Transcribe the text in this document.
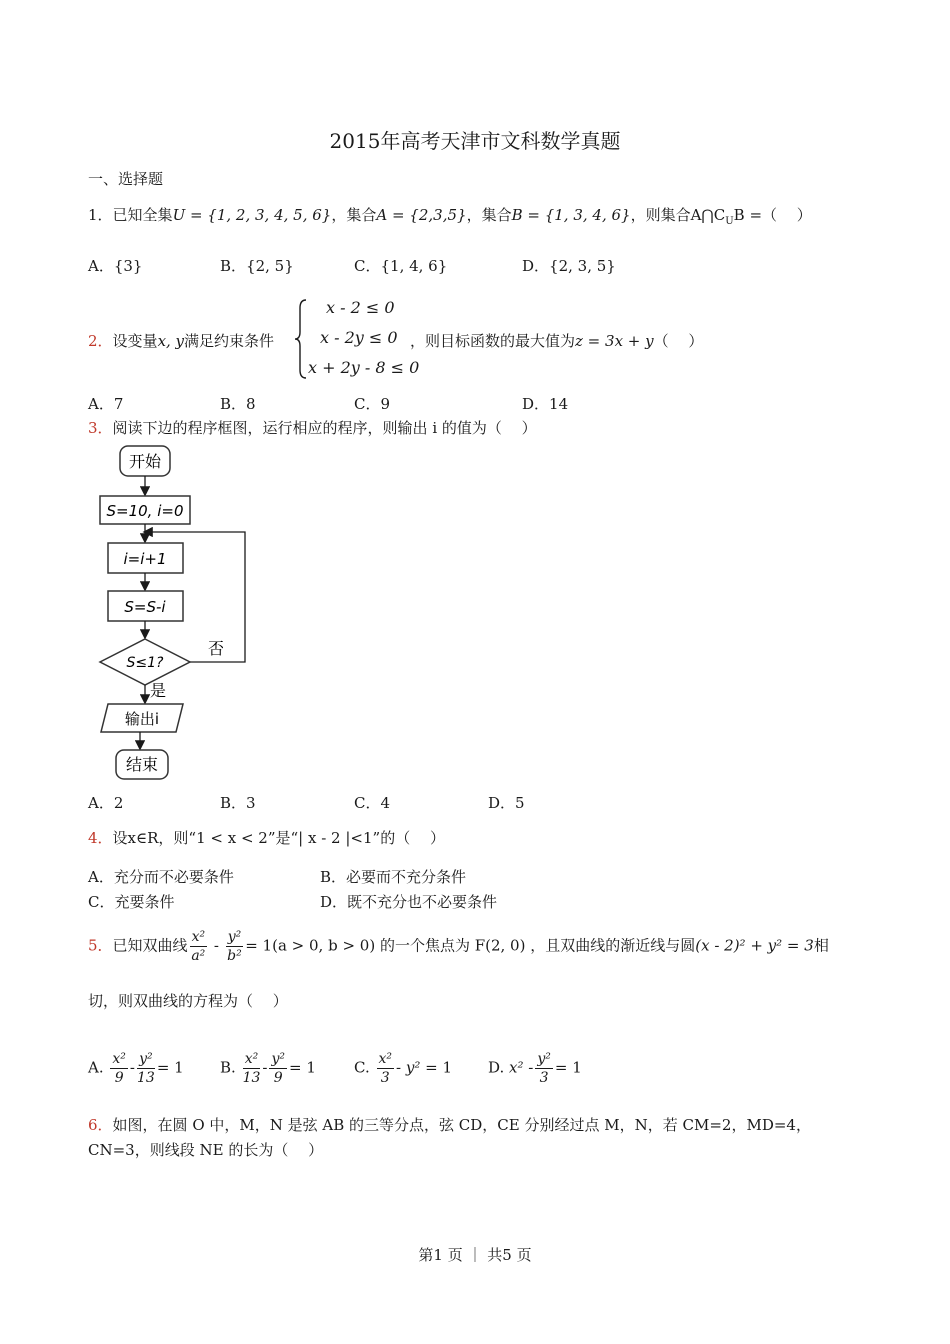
2015年高考天津市文科数学真题
一、选择题
1．已知全集U = {1, 2, 3, 4, 5, 6}，集合A = {2,3,5}，集合B = {1, 3, 4, 6}，则集合$A⋂C_UB$ =（　 ）
A．{3}	B．{2, 5}	C．{1, 4, 6}	D．{2, 3, 5}
2．设变量x, y满足约束条件
x - 2 ≤ 0
x - 2y ≤ 0
x + 2y - 8 ≤ 0
，则目标函数的最大值为z = 3x + y（　 ）
A．7	B．8	C．9	D．14
3．阅读下边的程序框图，运行相应的程序，则输出 i 的值为（　 ）
开始
S=10, i=0
i=i+1
S=S-i
S≤1?
否
是
输出i
结束
A．2	B．3	C．4	D．5
4．设x∈R，则“1 < x < 2”是“| x - 2 |<1”的（　 ）
A．充分而不必要条件	B．必要而不充分条件
C．充要条件	D．既不充分也不必要条件
5．已知双曲线 $\frac{\text{x²}}{\text{a²}} - \frac{\text{y²}}{\text{b²}} = 1(a > 0$, b > 0) 的一个焦点为 F(2, 0) ，且双曲线的渐近线与圆(x - 2)² + y² = 3相
切，则双曲线的方程为（　 ）
A. $\frac{\text{x²}}{9} - \frac{\text{y²}}{13} = 1$ B. $\frac{\text{x²}}{13} - \frac{\text{y²}}{9} = 1$	C. $\frac{\text{x²}}{3} - y^2 = 1$ D. $x^2 - \frac{\text{y²}}{3} = 1$
6．如图，在圆 O 中，M，N 是弦 AB 的三等分点，弦 CD，CE 分别经过点 M，N，若 CM=2，MD=4，
CN=3，则线段 NE 的长为（　 ）
第1 页 ｜ 共5 页
